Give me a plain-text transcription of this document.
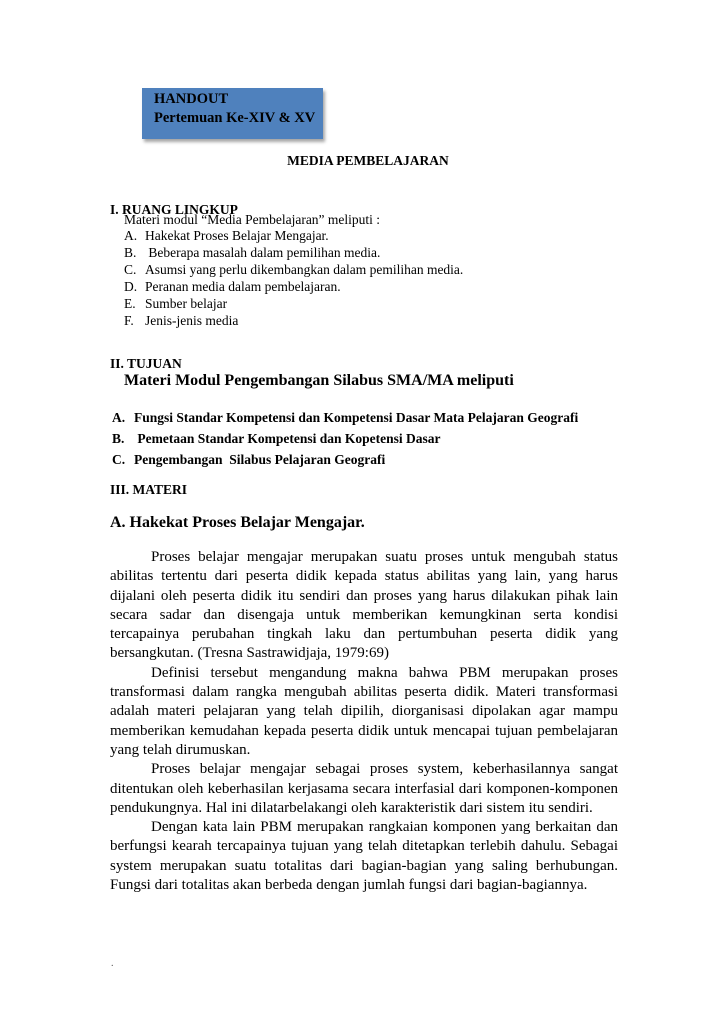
HANDOUT
Pertemuan Ke-XIV & XV
MEDIA PEMBELAJARAN
I. RUANG LINGKUP
Materi modul “Media Pembelajaran” meliputi :
A. Hakekat Proses Belajar Mengajar.
B. Beberapa masalah dalam pemilihan media.
C. Asumsi yang perlu dikembangkan dalam pemilihan media.
D. Peranan media dalam pembelajaran.
E. Sumber belajar
F. Jenis-jenis media
II. TUJUAN
Materi Modul Pengembangan Silabus SMA/MA meliputi
A. Fungsi Standar Kompetensi dan Kompetensi Dasar Mata Pelajaran Geografi
B. Pemetaan Standar Kompetensi dan Kopetensi Dasar
C. Pengembangan  Silabus Pelajaran Geografi
III. MATERI
A. Hakekat Proses Belajar Mengajar.

Proses belajar mengajar merupakan suatu proses untuk mengubah status abilitas tertentu dari peserta didik kepada status abilitas yang lain, yang harus dijalani oleh peserta didik itu sendiri dan proses yang harus dilakukan pihak lain secara sadar dan disengaja untuk memberikan kemungkinan serta kondisi tercapainya perubahan tingkah laku dan pertumbuhan peserta didik yang bersangkutan. (Tresna Sastrawidjaja, 1979:69)

Definisi tersebut mengandung makna bahwa PBM merupakan proses transformasi dalam rangka mengubah abilitas peserta didik. Materi transformasi adalah materi pelajaran yang telah dipilih, diorganisasi dipolakan agar mampu memberikan kemudahan kepada peserta didik untuk mencapai tujuan pembelajaran yang telah dirumuskan.

Proses belajar mengajar sebagai proses system, keberhasilannya sangat ditentukan oleh keberhasilan kerjasama secara interfasial dari komponen-komponen pendukungnya. Hal ini dilatarbelakangi oleh karakteristik dari sistem itu sendiri.

Dengan kata lain PBM merupakan rangkaian komponen yang berkaitan dan berfungsi kearah tercapainya tujuan yang telah ditetapkan terlebih dahulu. Sebagai system merupakan suatu totalitas dari bagian-bagian yang saling berhubungan. Fungsi dari totalitas akan berbeda dengan jumlah fungsi dari bagian-bagiannya.

.
